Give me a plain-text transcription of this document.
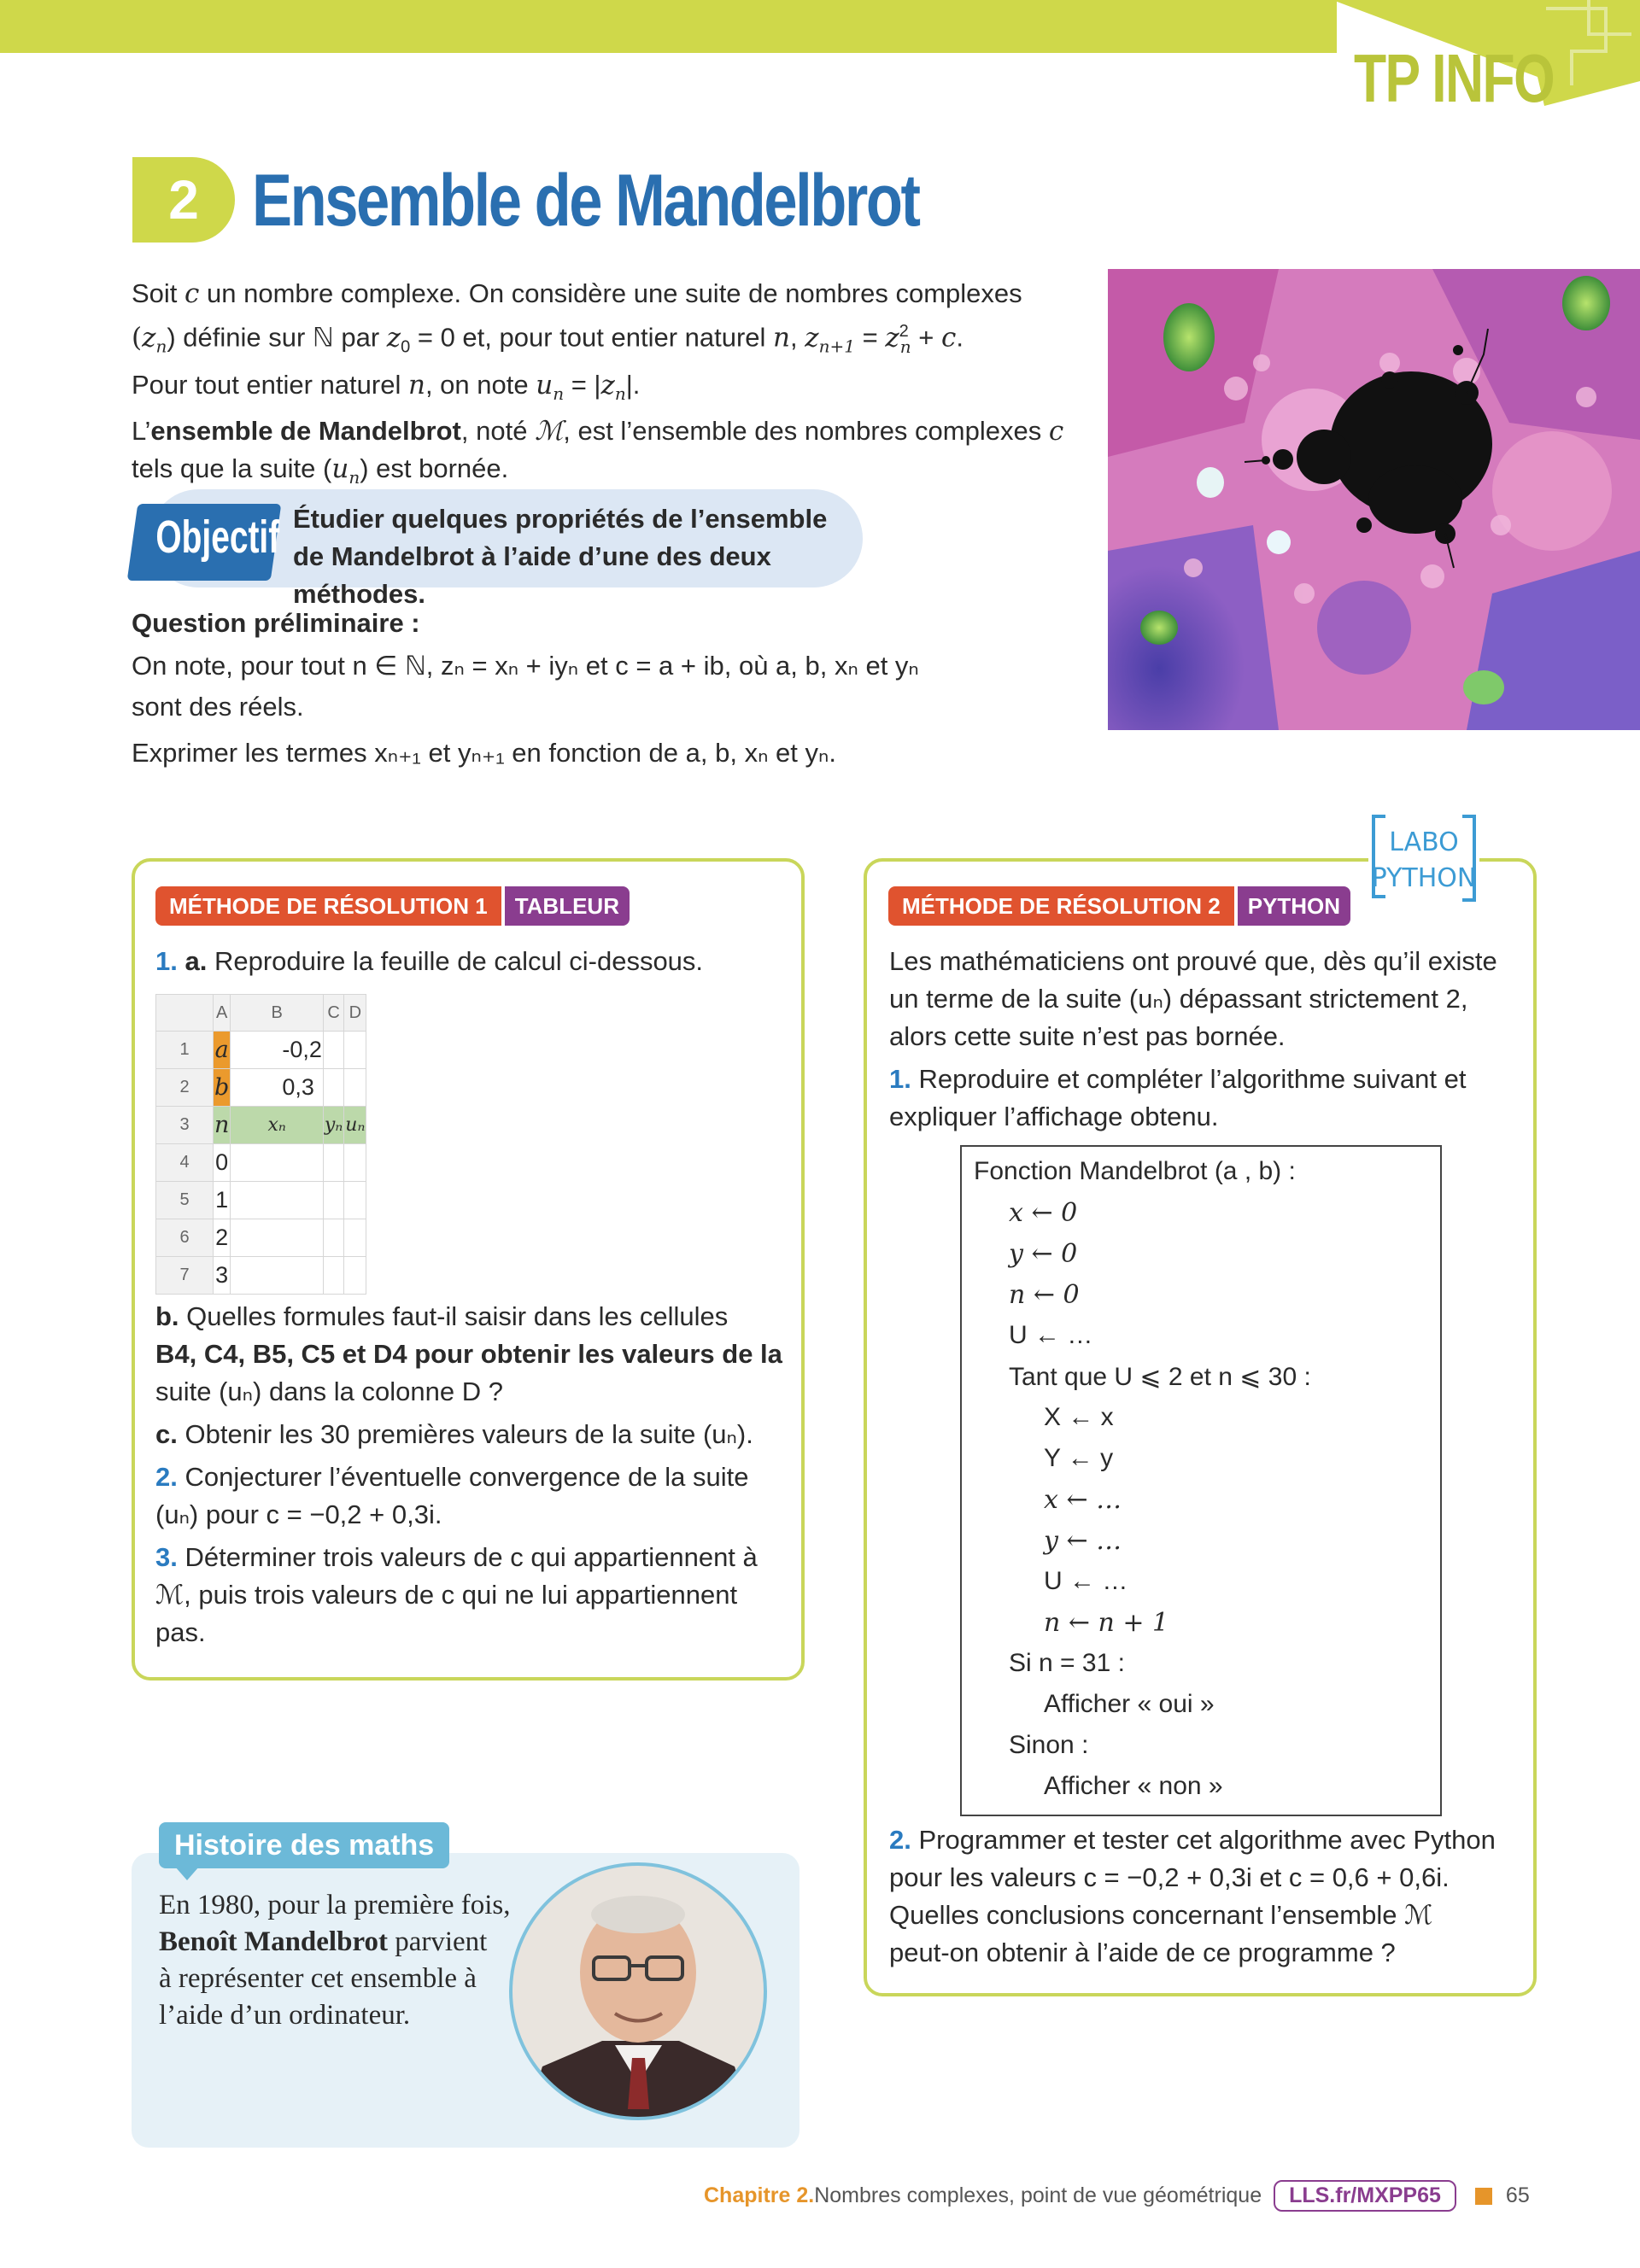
TP INFO
2 Ensemble de Mandelbrot

Soit c un nombre complexe. On considère une suite de nombres complexes

$(z_n)$ définie sur ℕ par $z_0 = 0$ et, pour tout entier naturel n, $z_{n+1} = z^2_n + c$.

Pour tout entier naturel n, on note $u_n = |z_n|$.

L’ensemble de Mandelbrot, noté ℳ, est l’ensemble des nombres complexes c

tels que la suite $(u_n)$ est bornée.

Objectif Étudier quelques propriétés de l’ensemble de Mandelbrot à l’aide d’une des deux méthodes.
Question préliminaire :

On note, pour tout n ∈ ℕ, zₙ = xₙ + iyₙ et c = a + ib, où a, b, xₙ et yₙ

sont des réels.

Exprimer les termes xₙ₊₁ et yₙ₊₁ en fonction de a, b, xₙ et yₙ.

MÉTHODE DE RÉSOLUTION 1	TABLEUR
1. a. Reproduire la feuille de calcul ci-dessous.
	A	B	C	D
1	a	-0,2		
2	b	0,3		
3	n	xₙ	yₙ	uₙ
4	0			
5	1			
6	2			
7	3			
b. Quelles formules faut-il saisir dans les cellules
B4, C4, B5, C5 et D4 pour obtenir les valeurs de la
suite (uₙ) dans la colonne D ?
c. Obtenir les 30 premières valeurs de la suite (uₙ).
2. Conjecturer l’éventuelle convergence de la suite
(uₙ) pour c = −0,2 + 0,3i.
3. Déterminer trois valeurs de c qui appartiennent à
ℳ, puis trois valeurs de c qui ne lui appartiennent
pas.
MÉTHODE DE RÉSOLUTION 2	PYTHON
LABO
PYTHON
Les mathématiciens ont prouvé que, dès qu’il existe
un terme de la suite (uₙ) dépassant strictement 2,
alors cette suite n’est pas bornée.
1. Reproduire et compléter l’algorithme suivant et
expliquer l’affichage obtenu.
Fonction Mandelbrot (a , b) :
x ← 0
y ← 0
n ← 0
U ← …
Tant que U ⩽ 2 et n ⩽ 30 :
X ← x
Y ← y
x ← …
y ← …
U ← …
n ← n + 1
Si n = 31 :
Afficher « oui »
Sinon :
Afficher « non »
2. Programmer et tester cet algorithme avec Python
pour les valeurs c = −0,2 + 0,3i et c = 0,6 + 0,6i.
Quelles conclusions concernant l’ensemble ℳ
peut-on obtenir à l’aide de ce programme ?
Histoire des maths
En 1980, pour la première fois,
Benoît Mandelbrot parvient
à représenter cet ensemble à
l’aide d’un ordinateur.
Chapitre 2. Nombres complexes, point de vue géométrique	LLS.fr/MXPP65	65
